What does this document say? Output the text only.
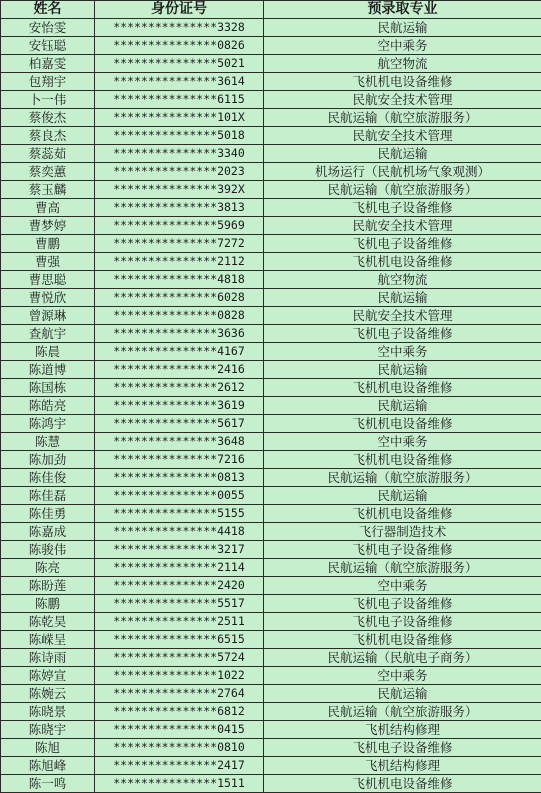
姓名	身份证号	预录取专业
安怡雯	***************3328	民航运输
安钰聪	***************0826	空中乘务
柏嘉雯	***************5021	航空物流
包翔宇	***************3614	飞机机电设备维修
卜一伟	***************6115	民航安全技术管理
蔡俊杰	***************101X	民航运输（航空旅游服务）
蔡良杰	***************5018	民航安全技术管理
蔡蕊茹	***************3340	民航运输
蔡奕蕙	***************2023	机场运行（民航机场气象观测）
蔡玉麟	***************392X	民航运输（航空旅游服务）
曹高	***************3813	飞机电子设备维修
曹梦婷	***************5969	民航安全技术管理
曹鹏	***************7272	飞机电子设备维修
曹强	***************2112	飞机机电设备维修
曹思聪	***************4818	航空物流
曹悦欣	***************6028	民航运输
曾源琳	***************0828	民航安全技术管理
查航宇	***************3636	飞机电子设备维修
陈晨	***************4167	空中乘务
陈道博	***************2416	民航运输
陈国栋	***************2612	飞机机电设备维修
陈皓亮	***************3619	民航运输
陈鸿宇	***************5617	飞机机电设备维修
陈慧	***************3648	空中乘务
陈加劲	***************7216	飞机机电设备维修
陈佳俊	***************0813	民航运输（航空旅游服务）
陈佳磊	***************0055	民航运输
陈佳勇	***************5155	飞机机电设备维修
陈嘉成	***************4418	飞行器制造技术
陈骏伟	***************3217	飞机电子设备维修
陈亮	***************2114	民航运输（航空旅游服务）
陈盼莲	***************2420	空中乘务
陈鹏	***************5517	飞机电子设备维修
陈乾昊	***************2511	飞机电子设备维修
陈嵘呈	***************6515	飞机机电设备维修
陈诗雨	***************5724	民航运输（民航电子商务）
陈婷宣	***************1022	空中乘务
陈婉云	***************2764	民航运输
陈晓景	***************6812	民航运输（航空旅游服务）
陈晓宇	***************0415	飞机结构修理
陈旭	***************0810	飞机电子设备维修
陈旭峰	***************2417	飞机结构修理
陈一鸣	***************1511	飞机机电设备维修
